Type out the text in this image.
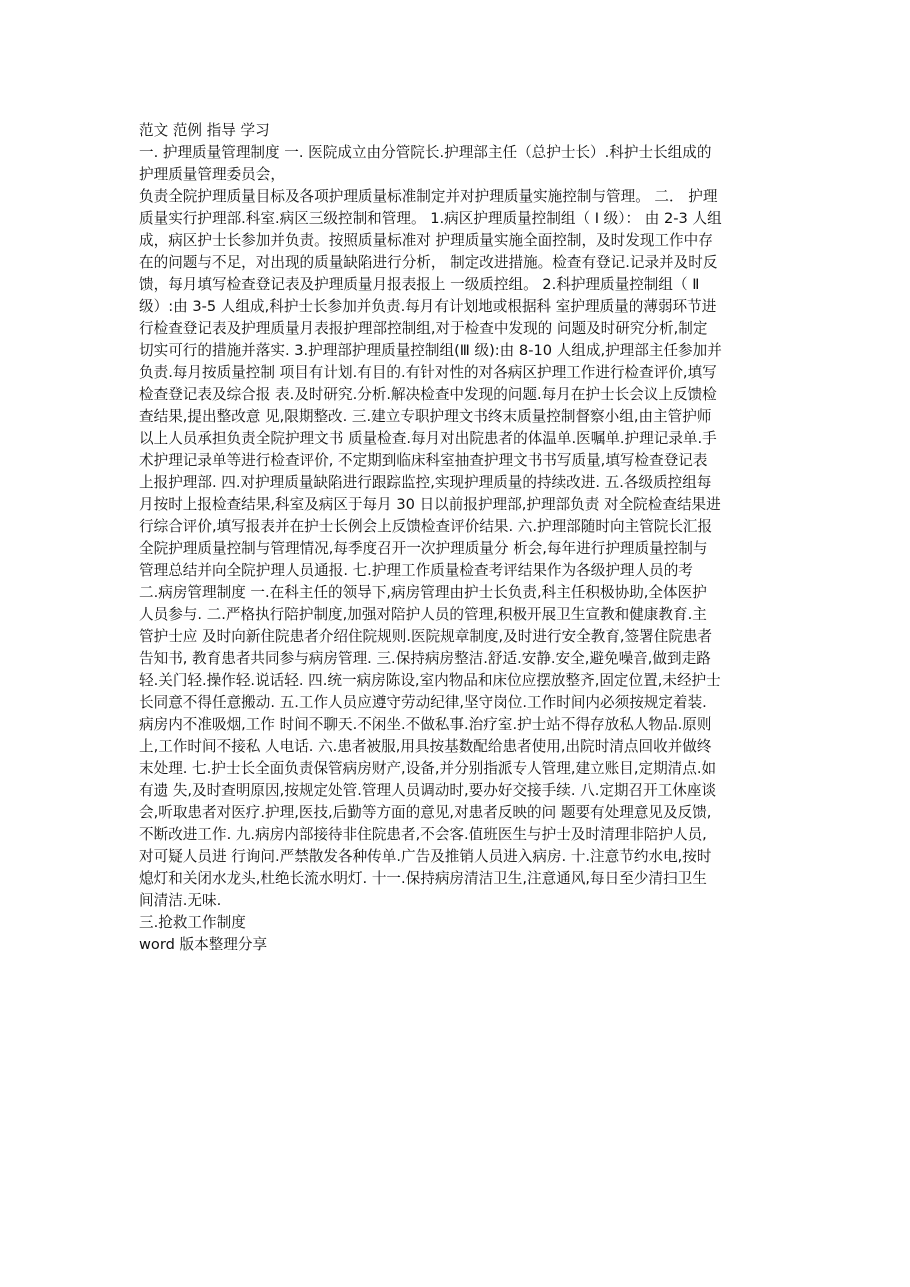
范文 范例 指导 学习
一. 护理质量管理制度 一. 医院成立由分管院长.护理部主任（总护士长）.科护士长组成的
护理质量管理委员会，
负责全院护理质量目标及各项护理质量标准制定并对护理质量实施控制与管理。 二． 护理
质量实行护理部.科室.病区三级控制和管理。 1.病区护理质量控制组（ Ⅰ 级）： 由 2-3 人组
成，病区护士长参加并负责。按照质量标准对 护理质量实施全面控制，及时发现工作中存
在的问题与不足，对出现的质量缺陷进行分析， 制定改进措施。检查有登记.记录并及时反
馈，每月填写检查登记表及护理质量月报表报上 一级质控组。 2.科护理质量控制组（ Ⅱ
级）:由 3-5 人组成,科护士长参加并负责.每月有计划地或根据科 室护理质量的薄弱环节进
行检查登记表及护理质量月表报护理部控制组,对于检查中发现的 问题及时研究分析,制定
切实可行的措施并落实. 3.护理部护理质量控制组(Ⅲ 级):由 8-10 人组成,护理部主任参加并
负责.每月按质量控制 项目有计划.有目的.有针对性的对各病区护理工作进行检查评价,填写
检查登记表及综合报 表.及时研究.分析.解决检查中发现的问题.每月在护士长会议上反馈检
查结果,提出整改意 见,限期整改. 三.建立专职护理文书终末质量控制督察小组,由主管护师
以上人员承担负责全院护理文书 质量检查.每月对出院患者的体温单.医嘱单.护理记录单.手
术护理记录单等进行检查评价, 不定期到临床科室抽查护理文书书写质量,填写检查登记表
上报护理部. 四.对护理质量缺陷进行跟踪监控,实现护理质量的持续改进. 五.各级质控组每
月按时上报检查结果,科室及病区于每月 30 日以前报护理部,护理部负责 对全院检查结果进
行综合评价,填写报表并在护士长例会上反馈检查评价结果. 六.护理部随时向主管院长汇报
全院护理质量控制与管理情况,每季度召开一次护理质量分 析会,每年进行护理质量控制与
管理总结并向全院护理人员通报. 七.护理工作质量检查考评结果作为各级护理人员的考
二.病房管理制度 一.在科主任的领导下,病房管理由护士长负责,科主任积极协助,全体医护
人员参与. 二.严格执行陪护制度,加强对陪护人员的管理,积极开展卫生宣教和健康教育.主
管护士应 及时向新住院患者介绍住院规则.医院规章制度,及时进行安全教育,签署住院患者
告知书, 教育患者共同参与病房管理. 三.保持病房整洁.舒适.安静.安全,避免噪音,做到走路
轻.关门轻.操作轻.说话轻. 四.统一病房陈设,室内物品和床位应摆放整齐,固定位置,未经护士
长同意不得任意搬动. 五.工作人员应遵守劳动纪律,坚守岗位.工作时间内必须按规定着装.
病房内不准吸烟,工作 时间不聊天.不闲坐.不做私事.治疗室.护士站不得存放私人物品.原则
上,工作时间不接私 人电话. 六.患者被服,用具按基数配给患者使用,出院时清点回收并做终
末处理. 七.护士长全面负责保管病房财产,设备,并分别指派专人管理,建立账目,定期清点.如
有遗 失,及时查明原因,按规定处管.管理人员调动时,要办好交接手续. 八.定期召开工休座谈
会,听取患者对医疗.护理,医技,后勤等方面的意见,对患者反映的问 题要有处理意见及反馈,
不断改进工作. 九.病房内部接待非住院患者,不会客.值班医生与护士及时清理非陪护人员,
对可疑人员进 行询问.严禁散发各种传单.广告及推销人员进入病房. 十.注意节约水电,按时
熄灯和关闭水龙头,杜绝长流水明灯. 十一.保持病房清洁卫生,注意通风,每日至少清扫卫生
间清洁.无味.
三.抢救工作制度
word 版本整理分享
